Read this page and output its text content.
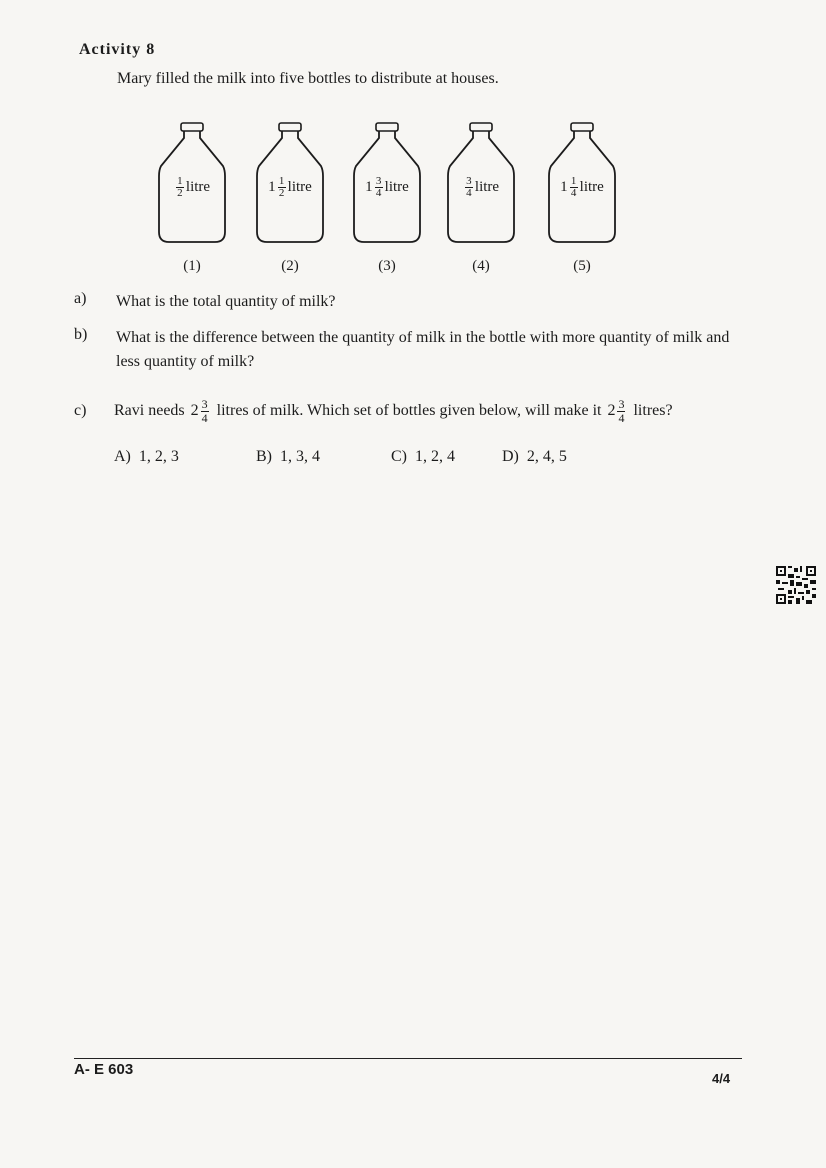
Activity 8
Mary filled the milk into five bottles to distribute at houses.
$\frac{1}{2}$ litre
(1)
$1 \frac{1}{2}$ litre
(2)
$1 \frac{3}{4}$ litre
(3)
$\frac{3}{4}$ litre
(4)
$1 \frac{1}{4}$ litre
(5)
a) What is the total quantity of milk?
b) What is the difference between the quantity of milk in the bottle with more quantity of milk and less quantity of milk?
c) Ravi needs $2 \frac{3}{4}$ litres of milk. Which set of bottles given below, will make it $2 \frac{3}{4}$ litres?
A) 1, 2, 3	B) 1, 3, 4	C) 1, 2, 4	D) 2, 4, 5
A- E 603
4/4
